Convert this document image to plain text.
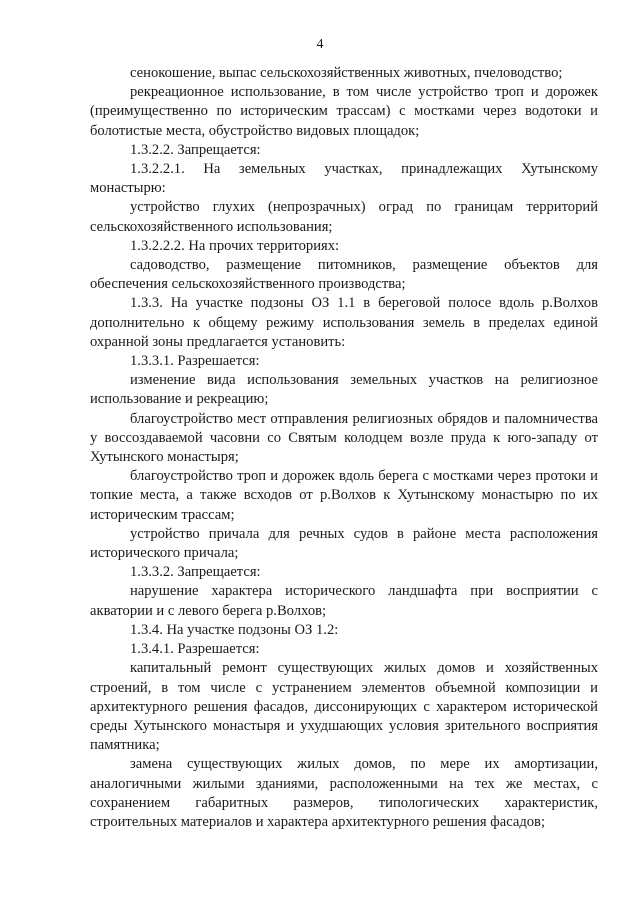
4

сенокошение, выпас сельскохозяйственных животных, пчеловодство;

рекреационное использование, в том числе устройство троп и дорожек (преимущественно по историческим трассам) с мостками через водотоки и болотистые места, обустройство видовых площадок;

1.3.2.2. Запрещается:

1.3.2.2.1. На земельных участках, принадлежащих Хутынскому монастырю:

устройство глухих (непрозрачных) оград по границам территорий сельскохозяйственного использования;

1.3.2.2.2. На прочих территориях:

садоводство, размещение питомников, размещение объектов для обеспечения сельскохозяйственного производства;

1.3.3. На участке подзоны ОЗ 1.1 в береговой полосе вдоль р.Волхов дополнительно к общему режиму использования земель в пределах единой охранной зоны предлагается установить:

1.3.3.1. Разрешается:

изменение вида использования земельных участков на религиозное использование и рекреацию;

благоустройство мест отправления религиозных обрядов и паломничества у воссоздаваемой часовни со Святым колодцем возле пруда к юго-западу от Хутынского монастыря;

благоустройство троп и дорожек вдоль берега с мостками через протоки и топкие места, а также всходов от р.Волхов к Хутынскому монастырю по их историческим трассам;

устройство причала для речных судов в районе места расположения исторического причала;

1.3.3.2. Запрещается:

нарушение характера исторического ландшафта при восприятии с акватории и с левого берега р.Волхов;

1.3.4. На участке подзоны ОЗ 1.2:

1.3.4.1. Разрешается:

капитальный ремонт существующих жилых домов и хозяйственных строений, в том числе с устранением элементов объемной композиции и архитектурного решения фасадов, диссонирующих с характером исторической среды Хутынского монастыря и ухудшающих условия зрительного восприятия памятника;

замена существующих жилых домов, по мере их амортизации, аналогичными жилыми зданиями, расположенными на тех же местах, с сохранением габаритных размеров, типологических характеристик, строительных материалов и характера архитектурного решения фасадов;
